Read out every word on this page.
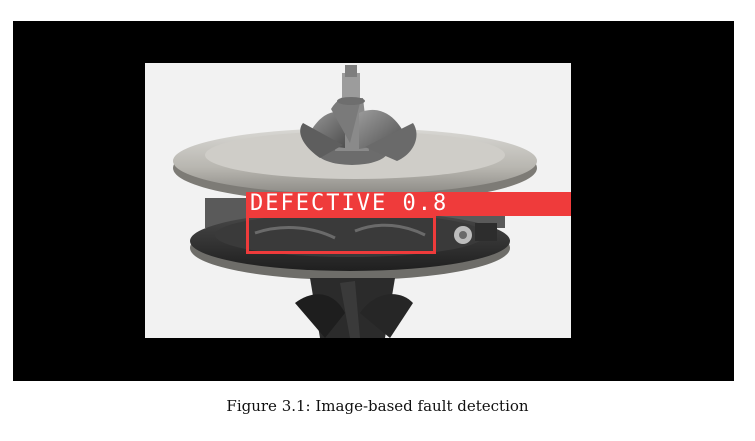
DEFECTIVE 0.8
Figure 3.1: Image-based fault detection
